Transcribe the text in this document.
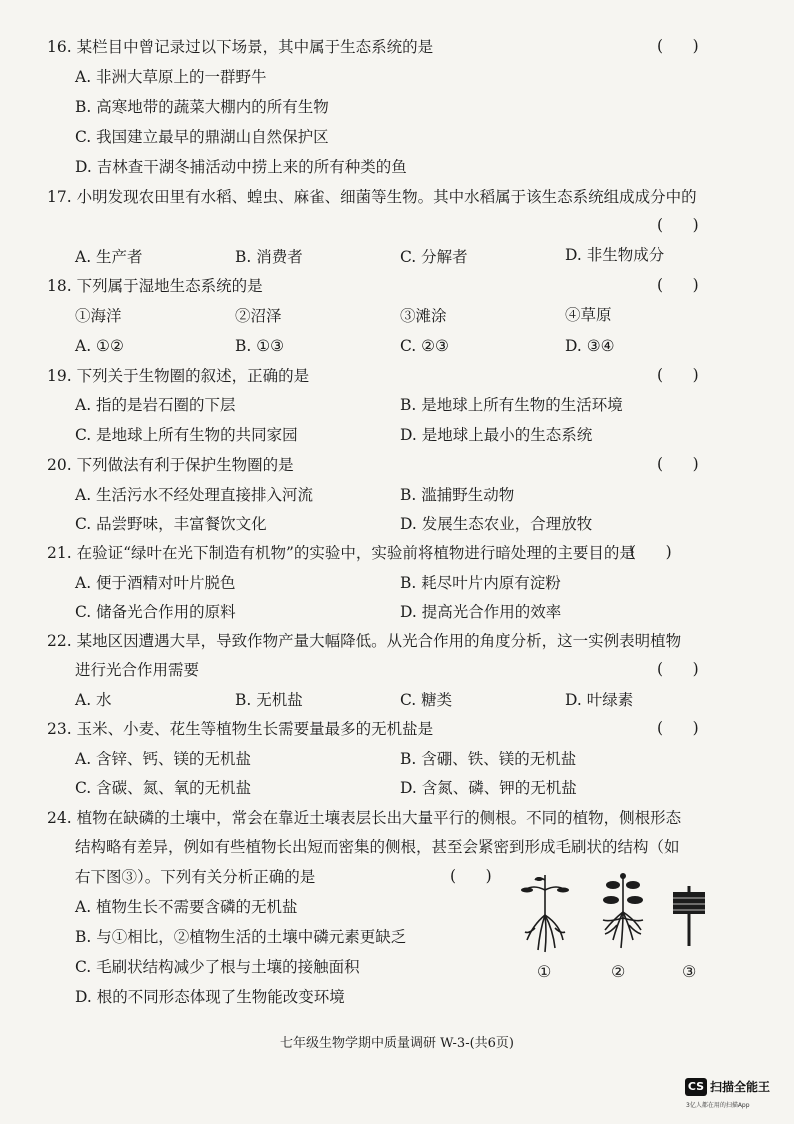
16. 某栏目中曾记录过以下场景，其中属于生态系统的是	(      )
A. 非洲大草原上的一群野牛
B. 高寒地带的蔬菜大棚内的所有生物
C. 我国建立最早的鼎湖山自然保护区
D. 吉林查干湖冬捕活动中捞上来的所有种类的鱼
17. 小明发现农田里有水稻、蝗虫、麻雀、细菌等生物。其中水稻属于该生态系统组成成分中的
(      )
A. 生产者	B. 消费者	C. 分解者	D. 非生物成分
18. 下列属于湿地生态系统的是	(      )
①海洋	②沼泽	③滩涂	④草原
A. ①②	B. ①③	C. ②③	D. ③④
19. 下列关于生物圈的叙述，正确的是	(      )
A. 指的是岩石圈的下层	B. 是地球上所有生物的生活环境
C. 是地球上所有生物的共同家园	D. 是地球上最小的生态系统
20. 下列做法有利于保护生物圈的是	(      )
A. 生活污水不经处理直接排入河流	B. 滥捕野生动物
C. 品尝野味，丰富餐饮文化	D. 发展生态农业，合理放牧
21. 在验证“绿叶在光下制造有机物”的实验中，实验前将植物进行暗处理的主要目的是
(      )
A. 便于酒精对叶片脱色	B. 耗尽叶片内原有淀粉
C. 储备光合作用的原料	D. 提高光合作用的效率
22. 某地区因遭遇大旱，导致作物产量大幅降低。从光合作用的角度分析，这一实例表明植物
进行光合作用需要	(      )
A. 水	B. 无机盐	C. 糖类	D. 叶绿素
23. 玉米、小麦、花生等植物生长需要量最多的无机盐是	(      )
A. 含锌、钙、镁的无机盐	B. 含硼、铁、镁的无机盐
C. 含碳、氮、氧的无机盐	D. 含氮、磷、钾的无机盐
24. 植物在缺磷的土壤中，常会在靠近土壤表层长出大量平行的侧根。不同的植物，侧根形态
结构略有差异，例如有些植物长出短而密集的侧根，甚至会紧密到形成毛刷状的结构（如
右下图③）。下列有关分析正确的是	(      )
A. 植物生长不需要含磷的无机盐
B. 与①相比，②植物生活的土壤中磷元素更缺乏
C. 毛刷状结构减少了根与土壤的接触面积
D. 根的不同形态体现了生物能改变环境
①	②	③
七年级生物学期中质量调研 W-3-(共6页)
CS 扫描全能王
3亿人都在用的扫描App
